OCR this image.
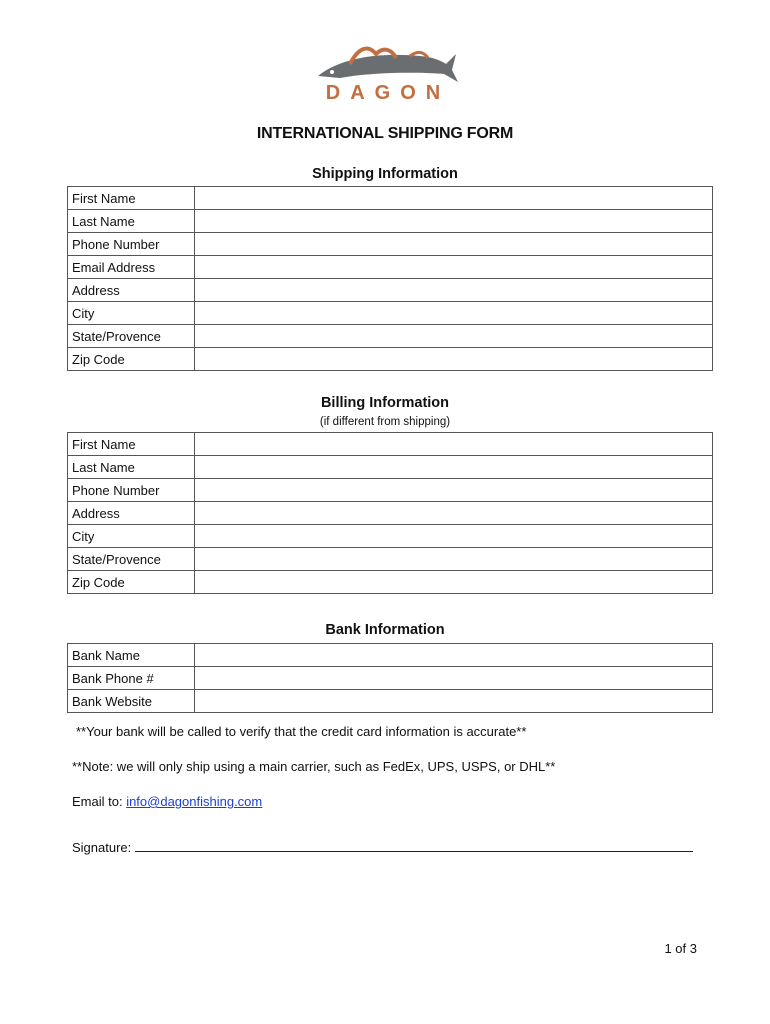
DAGON
INTERNATIONAL SHIPPING FORM
Shipping Information
First Name	
Last Name	
Phone Number	
Email Address	
Address	
City	
State/Provence	
Zip Code	
Billing Information
(if different from shipping)
First Name	
Last Name	
Phone Number	
Address	
City	
State/Provence	
Zip Code	
Bank Information
Bank Name	
Bank Phone #	
Bank Website	
**Your bank will be called to verify that the credit card information is accurate**
**Note: we will only ship using a main carrier, such as FedEx, UPS, USPS, or DHL**
Email to: info@dagonfishing.com
Signature:
1 of 3
